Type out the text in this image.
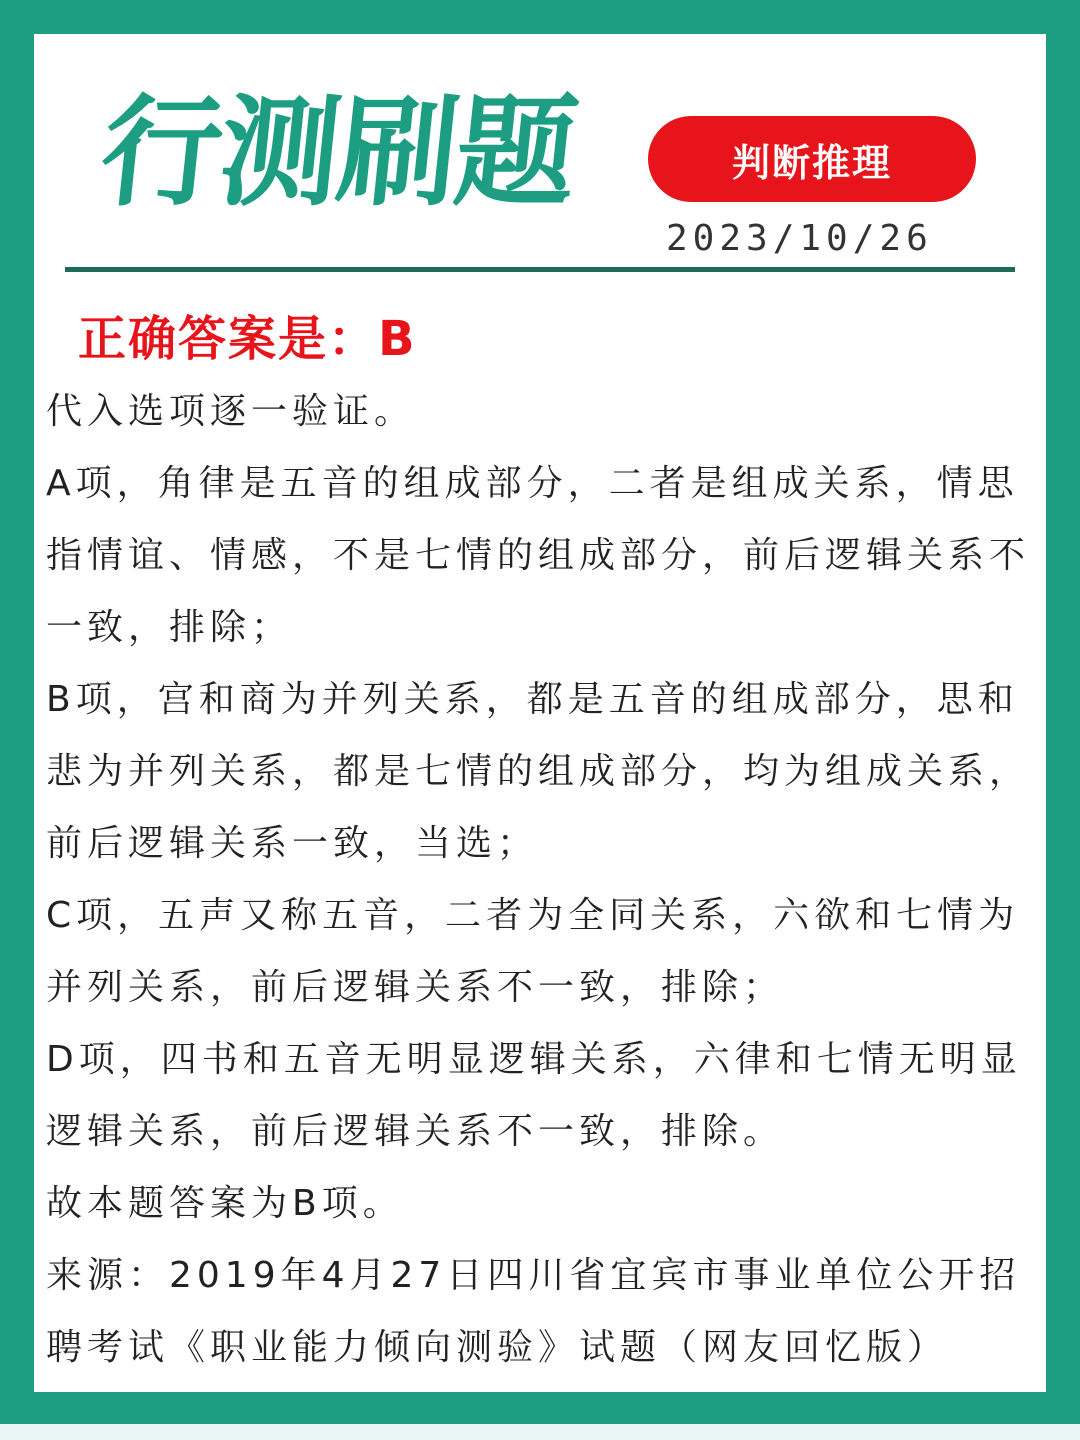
行测刷题	判断推理
2023/10/26
正确答案是：B

代入选项逐一验证。

A项，角律是五音的组成部分，二者是组成关系，情思指情谊、情感，不是七情的组成部分，前后逻辑关系不一致，排除；

B项，宫和商为并列关系，都是五音的组成部分，思和悲为并列关系，都是七情的组成部分，均为组成关系，前后逻辑关系一致，当选；

C项，五声又称五音，二者为全同关系，六欲和七情为并列关系，前后逻辑关系不一致，排除；

D项，四书和五音无明显逻辑关系，六律和七情无明显逻辑关系，前后逻辑关系不一致，排除。

故本题答案为B项。

来源：2019年4月27日四川省宜宾市事业单位公开招聘考试《职业能力倾向测验》试题（网友回忆版）
